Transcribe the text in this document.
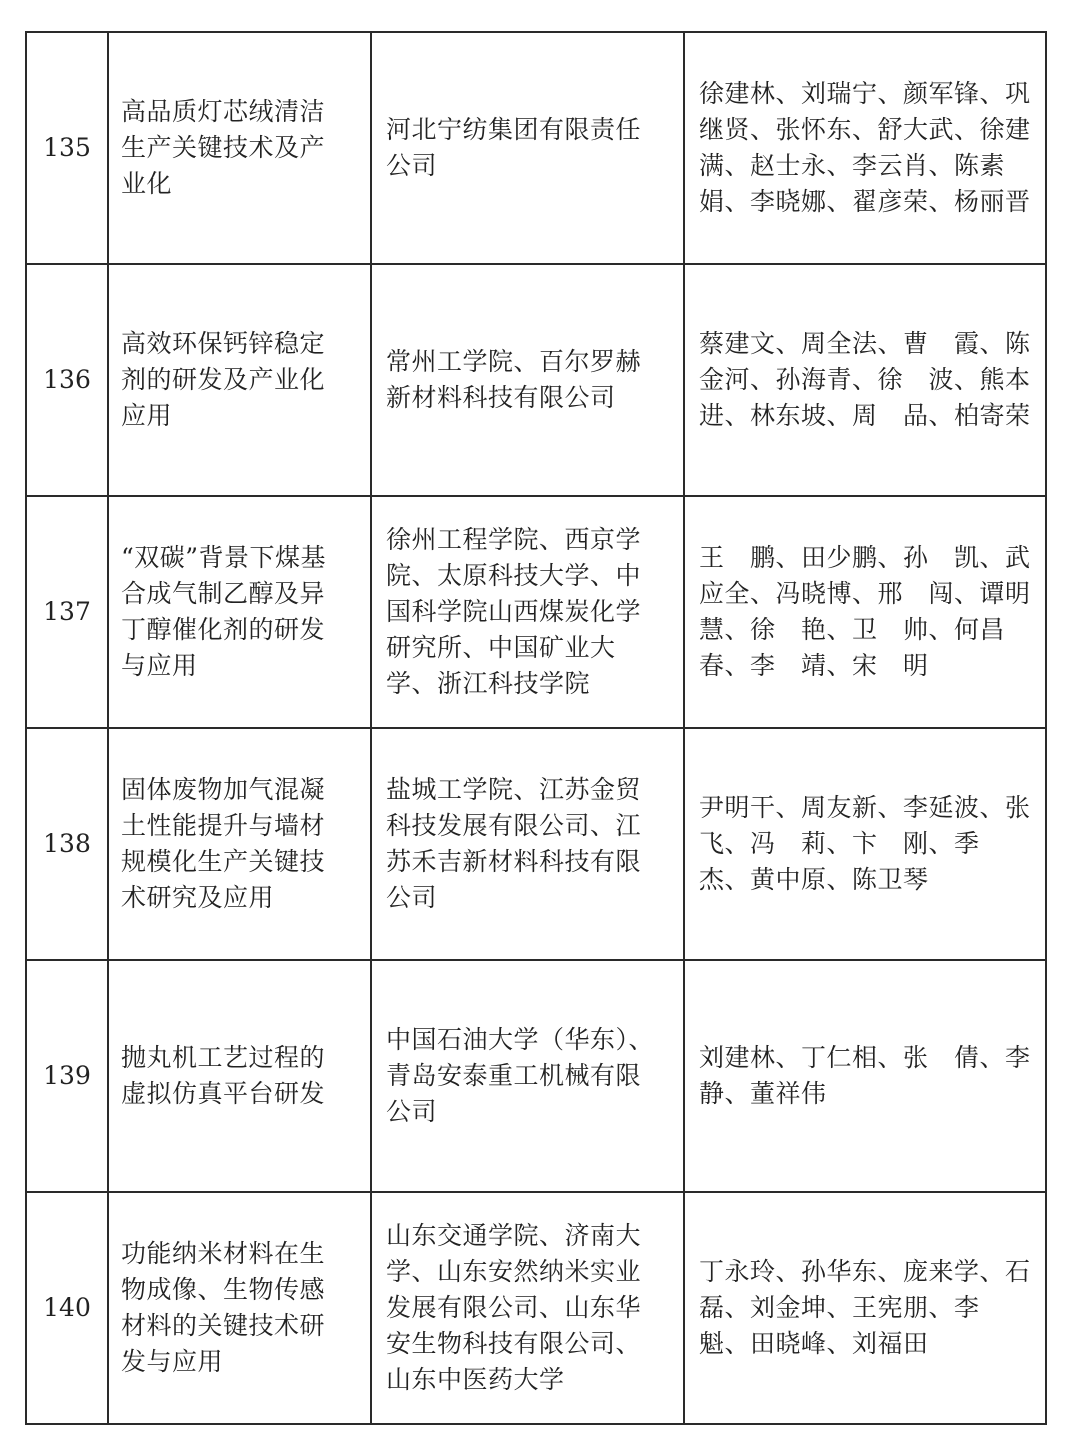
135	高品质灯芯绒清洁生产关键技术及产业化	河北宁纺集团有限责任公司	徐建林、刘瑞宁、颜军锋、巩继贤、张怀东、舒大武、徐建满、赵士永、李云肖、陈素娟、李晓娜、翟彦荣、杨丽晋

136	高效环保钙锌稳定剂的研发及产业化应用	常州工学院、百尔罗赫新材料科技有限公司	蔡建文、周全法、曹　霞、陈金河、孙海青、徐　波、熊本进、林东坡、周　品、柏寄荣

137	“双碳”背景下煤基合成气制乙醇及异丁醇催化剂的研发与应用	徐州工程学院、西京学院、太原科技大学、中国科学院山西煤炭化学研究所、中国矿业大学、浙江科技学院	王　鹏、田少鹏、孙　凯、武应全、冯晓博、邢　闯、谭明慧、徐　艳、卫　帅、何昌春、李　靖、宋　明

138	固体废物加气混凝土性能提升与墙材规模化生产关键技术研究及应用	盐城工学院、江苏金贸科技发展有限公司、江苏禾吉新材料科技有限公司	尹明干、周友新、李延波、张飞、冯　莉、卞　刚、季　杰、黄中原、陈卫琴

139	抛丸机工艺过程的虚拟仿真平台研发	中国石油大学（华东）、青岛安泰重工机械有限公司	刘建林、丁仁相、张　倩、李静、董祥伟

140	功能纳米材料在生物成像、生物传感材料的关键技术研发与应用	山东交通学院、济南大学、山东安然纳米实业发展有限公司、山东华安生物科技有限公司、山东中医药大学	丁永玲、孙华东、庞来学、石磊、刘金坤、王宪朋、李　魁、田晓峰、刘福田
